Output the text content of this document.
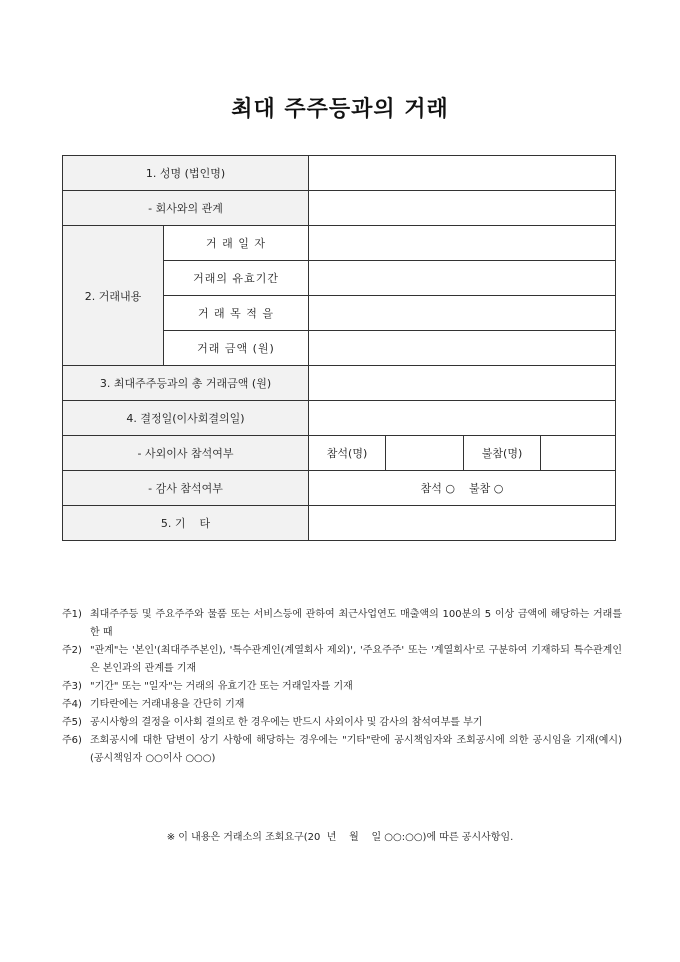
최대 주주등과의 거래
1. 성명 (법인명)					
- 회사와의 관계					
2. 거래내용	거 래 일 자				
	거래의 유효기간				
	거 래 목 적 을				
	거래 금액 (원)				
3. 최대주주등과의 총 거래금액 (원)					
4. 결정일(이사회결의일)					
- 사외이사 참석여부		참석(명)		불참(명)	
- 감사 참석여부		참석 ○    불참 ○			
5. 기    타					
주1) 최대주주등 및 주요주주와 물품 또는 서비스등에 관하여 최근사업연도 매출액의 100분의 5 이상 금액에 해당하는 거래를 한 때
주2) "관계"는 '본인'(최대주주본인), '특수관계인(계열회사 제외)', '주요주주' 또는 '계열회사'로 구분하여 기재하되 특수관계인은 본인과의 관계를 기재
주3) "기간" 또는 "일자"는 거래의 유효기간 또는 거래일자를 기재
주4) 기타란에는 거래내용을 간단히 기재
주5) 공시사항의 결정을 이사회 결의로 한 경우에는 반드시 사외이사 및 감사의 참석여부를 부기
주6) 조회공시에 대한 답변이 상기 사항에 해당하는 경우에는 "기타"란에 공시책임자와 조회공시에 의한 공시임을 기재(예시) (공시책임자 ○○이사 ○○○)
※ 이 내용은 거래소의 조회요구(20  년    월    일 ○○:○○)에 따른 공시사항임.
